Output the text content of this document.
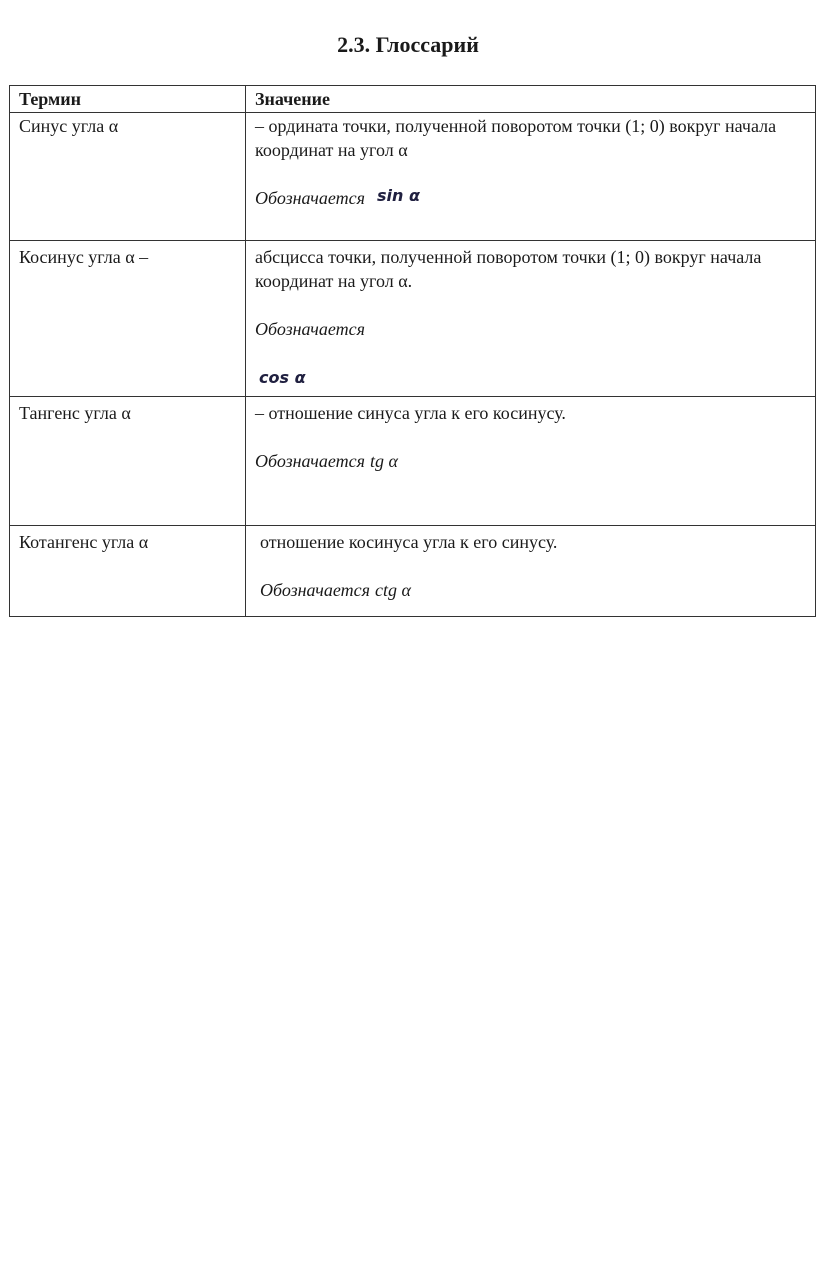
2.3. Глоссарий
Термин	Значение
Синус угла α	– ордината точки, полученной поворотом точки (1; 0) вокруг начала координат на угол α

Обозначается sin α

Косинус угла α –	абсцисса точки, полученной поворотом точки (1; 0) вокруг начала координат на угол α.

Обозначается

cos α

Тангенс угла α	– отношение синуса угла к его косинусу.

Обозначается tg α

Котангенс угла α	отношение косинуса угла к его синусу.

Обозначается ctg α
